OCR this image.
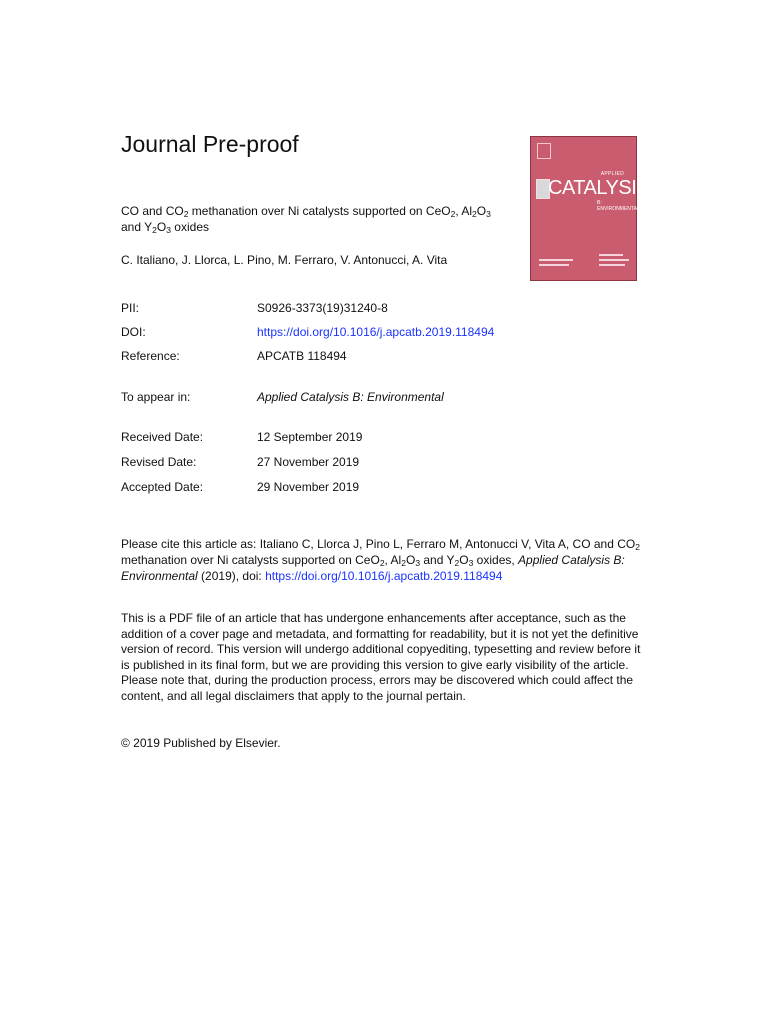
Journal Pre-proof
APPLIED
CATALYSIS
B: ENVIRONMENTAL
CO and $CO_2$ methanation over Ni catalysts supported on CeO$_2$, $Al_2O_3$
and $Y_2O_3$ oxides
C. Italiano, J. Llorca, L. Pino, M. Ferraro, V. Antonucci, A. Vita
PII:	S0926-3373(19)31240-8
DOI:	https://doi.org/10.1016/j.apcatb.2019.118494
Reference:	APCATB 118494
To appear in:	Applied Catalysis B: Environmental
Received Date:	12 September 2019
Revised Date:	27 November 2019
Accepted Date:	29 November 2019
Please cite this article as: Italiano C, Llorca J, Pino L, Ferraro M, Antonucci V, Vita A, CO and $CO_2$ methanation over Ni catalysts supported on CeO$_2$, $Al_2O_3$ and $Y_2O_3$ oxides, Applied Catalysis B: Environmental (2019), doi: https://doi.org/10.1016/j.apcatb.2019.118494
This is a PDF file of an article that has undergone enhancements after acceptance, such as the addition of a cover page and metadata, and formatting for readability, but it is not yet the definitive version of record. This version will undergo additional copyediting, typesetting and review before it is published in its final form, but we are providing this version to give early visibility of the article. Please note that, during the production process, errors may be discovered which could affect the content, and all legal disclaimers that apply to the journal pertain.
© 2019 Published by Elsevier.
